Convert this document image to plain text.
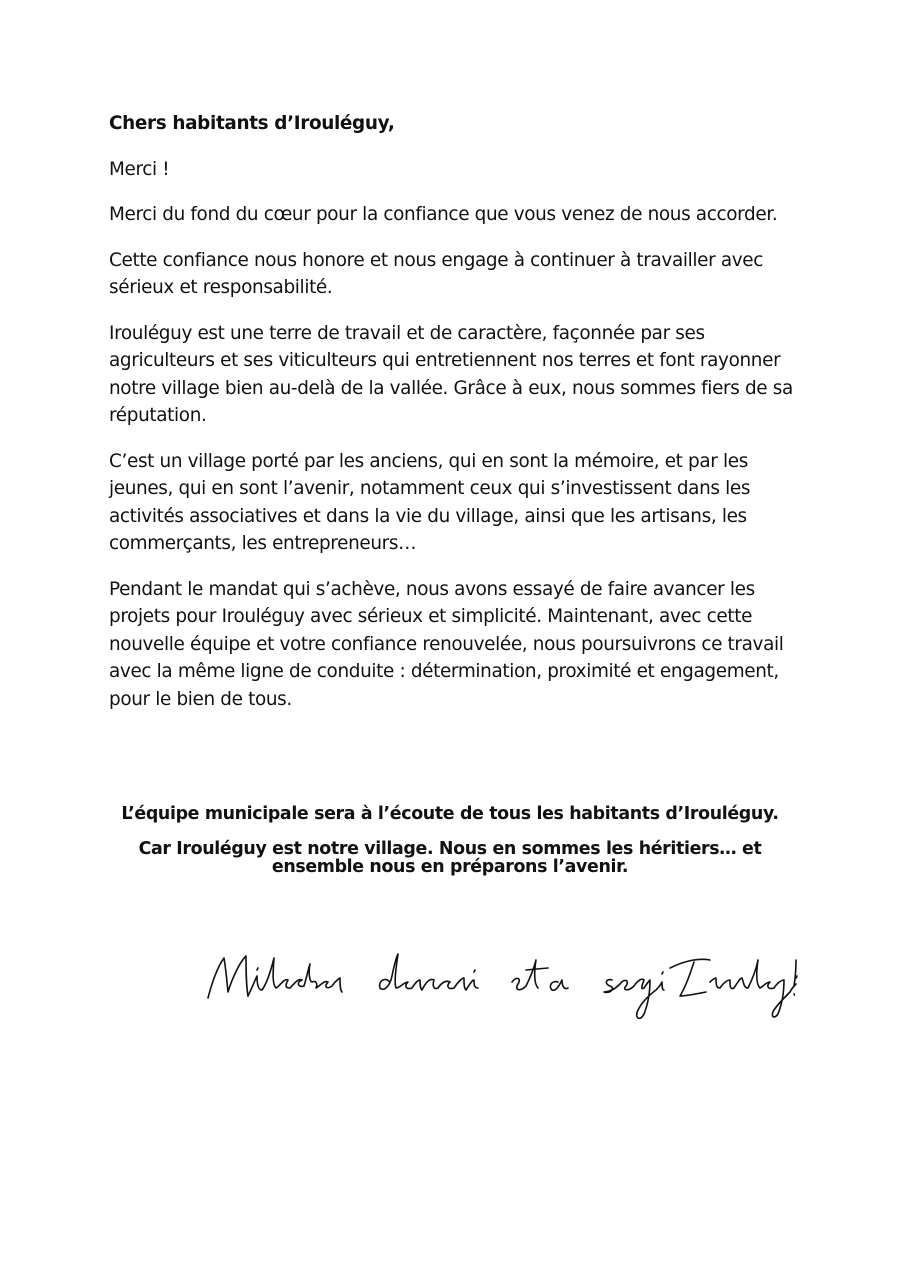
Chers habitants d’Irouléguy,

Merci !

Merci du fond du cœur pour la confiance que vous venez de nous accorder.

Cette confiance nous honore et nous engage à continuer à travailler avec sérieux et responsabilité.

Irouléguy est une terre de travail et de caractère, façonnée par ses agriculteurs et ses viticulteurs qui entretiennent nos terres et font rayonner notre village bien au-delà de la vallée. Grâce à eux, nous sommes fiers de sa réputation.

C’est un village porté par les anciens, qui en sont la mémoire, et par les jeunes, qui en sont l’avenir, notamment ceux qui s’investissent dans les activités associatives et dans la vie du village, ainsi que les artisans, les commerçants, les entrepreneurs…

Pendant le mandat qui s’achève, nous avons essayé de faire avancer les projets pour Irouléguy avec sérieux et simplicité. Maintenant, avec cette nouvelle équipe et votre confiance renouvelée, nous poursuivrons ce travail avec la même ligne de conduite : détermination, proximité et engagement, pour le bien de tous.

L’équipe municipale sera à l’écoute de tous les habitants d’Irouléguy.

Car Irouléguy est notre village. Nous en sommes les héritiers… et ensemble nous en préparons l’avenir.
